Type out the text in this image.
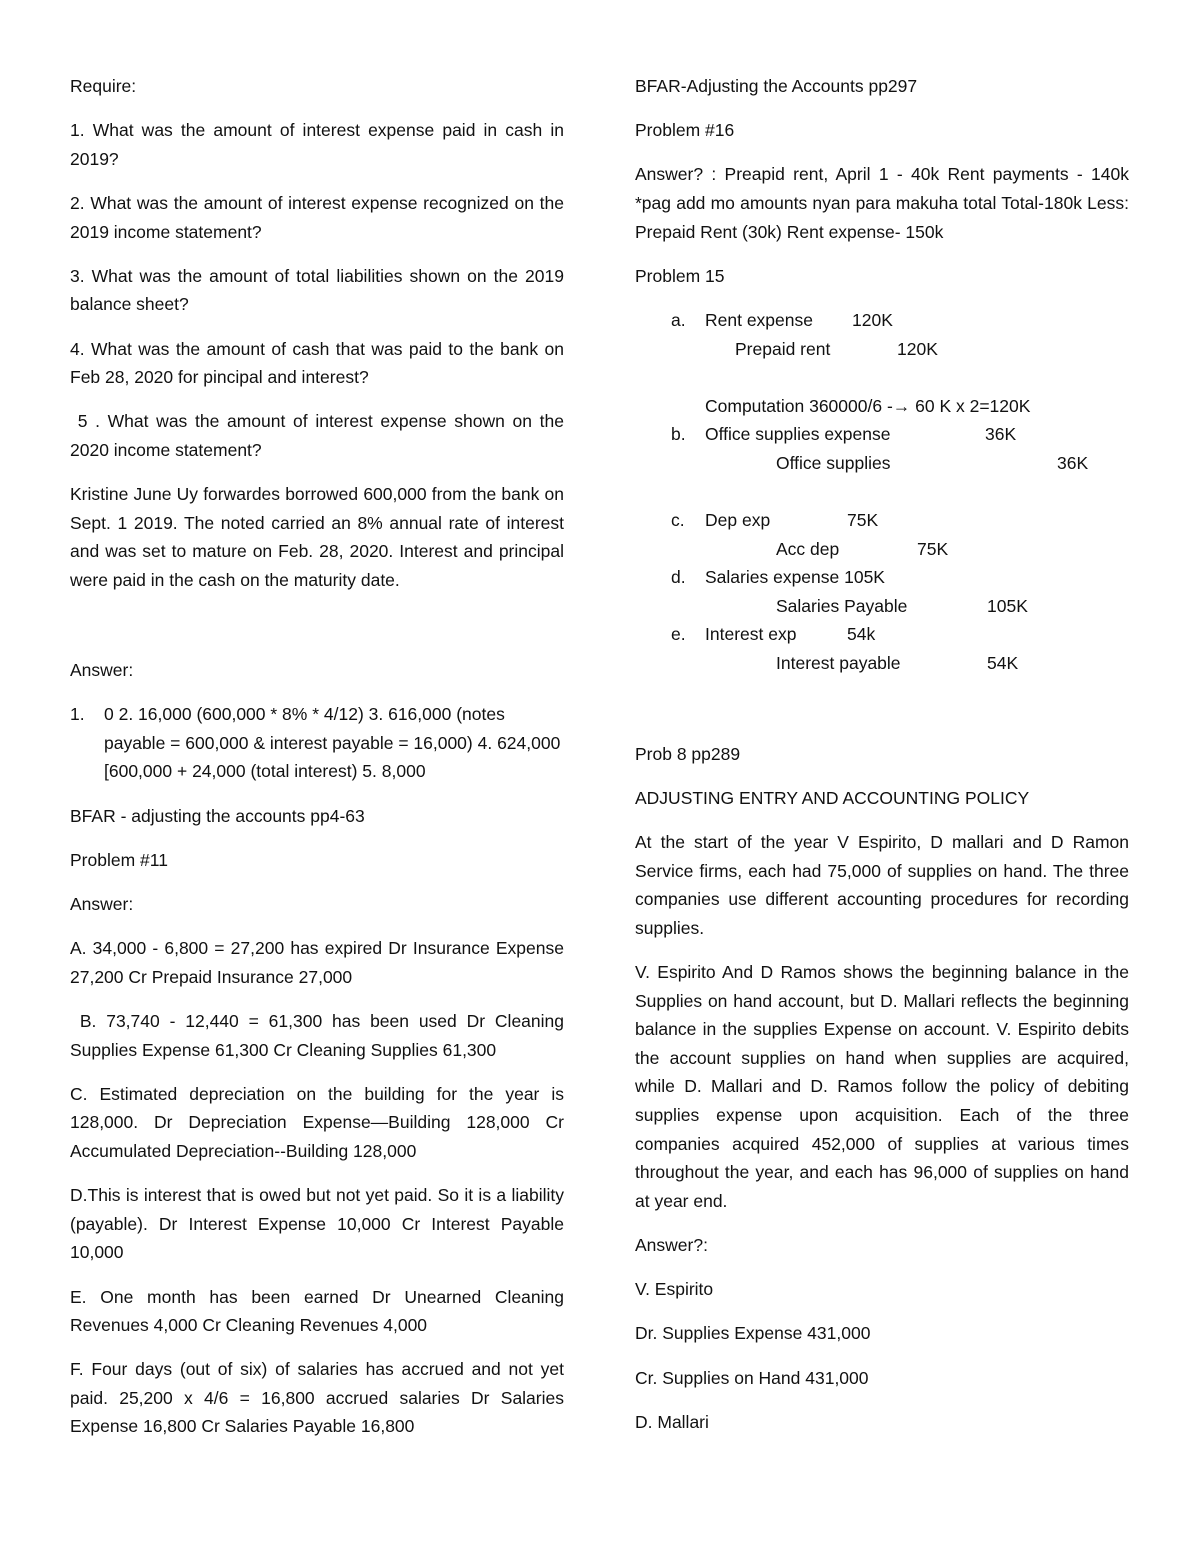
Require:

1. What was the amount of interest expense paid in cash in 2019?

2. What was the amount of interest expense recognized on the 2019 income statement?

3. What was the amount of total liabilities shown on the 2019 balance sheet?

4. What was the amount of cash that was paid to the bank on Feb 28, 2020 for pincipal and interest?

5 . What was the amount of interest expense shown on the 2020 income statement?

Kristine June Uy forwardes borrowed 600,000 from the bank on Sept. 1 2019. The noted carried an 8% annual rate of interest and was set to mature on Feb. 28, 2020. Interest and principal were paid in the cash on the maturity date.

Answer:

1. 0 2. 16,000 (600,000 * 8% * 4/12) 3. 616,000 (notes payable = 600,000 & interest payable = 16,000) 4. 624,000 [600,000 + 24,000 (total interest) 5. 8,000

BFAR - adjusting the accounts pp4-63

Problem #11

Answer:

A. 34,000 - 6,800 = 27,200 has expired Dr Insurance Expense 27,200 Cr Prepaid Insurance 27,000

B. 73,740 - 12,440 = 61,300 has been used Dr Cleaning Supplies Expense 61,300 Cr Cleaning Supplies 61,300

C. Estimated depreciation on the building for the year is 128,000. Dr Depreciation Expense—Building 128,000 Cr Accumulated Depreciation--Building 128,000

D.This is interest that is owed but not yet paid. So it is a liability (payable). Dr Interest Expense 10,000 Cr Interest Payable 10,000

E. One month has been earned Dr Unearned Cleaning Revenues 4,000 Cr Cleaning Revenues 4,000

F. Four days (out of six) of salaries has accrued and not yet paid. 25,200 x 4/6 = 16,800 accrued salaries Dr Salaries Expense 16,800 Cr Salaries Payable 16,800

BFAR-Adjusting the Accounts pp297

Problem #16

Answer? : Preapid rent, April 1 - 40k Rent payments - 140k *pag add mo amounts nyan para makuha total Total-180k Less: Prepaid Rent (30k) Rent expense- 150k

Problem 15

a. Rent expense 120K
Prepaid rent	120K
Computation 360000/6 -→ 60 K x 2=120K
b. Office supplies expense	36K
Office supplies	36K
c. Dep exp	75K
Acc dep	75K
d. Salaries expense 105K
Salaries Payable	105K
e. Interest exp	54k
Interest payable	54K

Prob 8 pp289

ADJUSTING ENTRY AND ACCOUNTING POLICY

At the start of the year V Espirito, D mallari and D Ramon Service firms, each had 75,000 of supplies on hand. The three companies use different accounting procedures for recording supplies.

V. Espirito And D Ramos shows the beginning balance in the Supplies on hand account, but D. Mallari reflects the beginning balance in the supplies Expense on account. V. Espirito debits the account supplies on hand when supplies are acquired, while D. Mallari and D. Ramos follow the policy of debiting supplies expense upon acquisition. Each of the three companies acquired 452,000 of supplies at various times throughout the year, and each has 96,000 of supplies on hand at year end.

Answer?:

V. Espirito

Dr. Supplies Expense 431,000

Cr. Supplies on Hand 431,000

D. Mallari
